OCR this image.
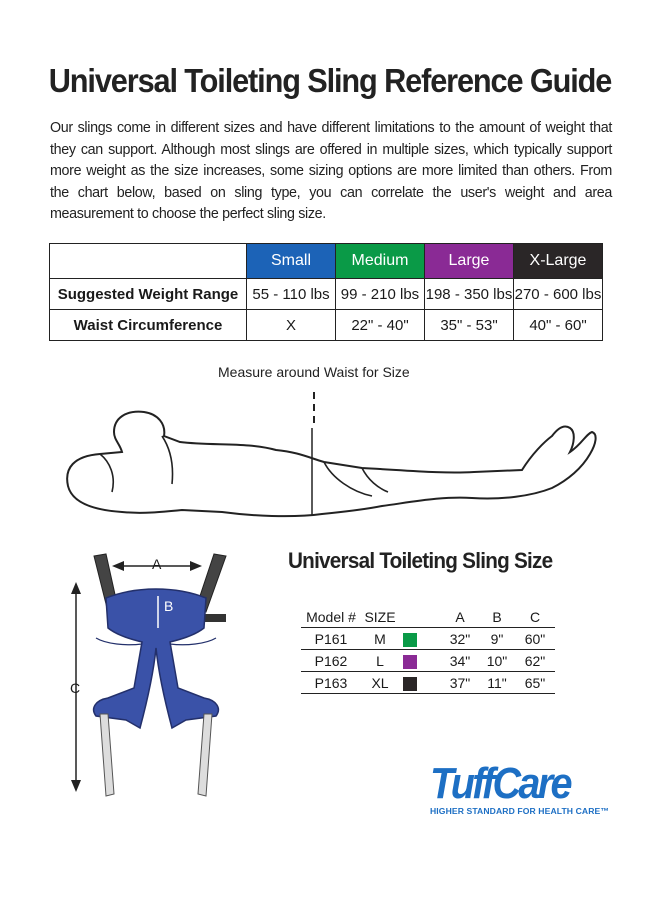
Universal Toileting Sling Reference Guide
Our slings come in different sizes and have different limitations to the amount of weight that they can support. Although most slings are offered in multiple sizes, which typically support more weight as the size increases, some sizing options are more limited than others. From the chart below, based on sling type, you can correlate the user's weight and area measurement to choose the perfect sling size.
	Small	Medium	Large	X-Large
Suggested Weight Range	55 - 110 lbs	99 - 210 lbs	198 - 350 lbs	270 - 600 lbs
Waist Circumference	X	22" - 40"	35" - 53"	40" - 60"
Measure around Waist for Size
A
B
C
Universal Toileting Sling Size
Model #	SIZE			A	B	C
P161	M			32"	9"	60"
P162	L			34"	10"	62"
P163	XL			37"	11"	65"
TuffCare
HIGHER STANDARD FOR HEALTH CARE™
